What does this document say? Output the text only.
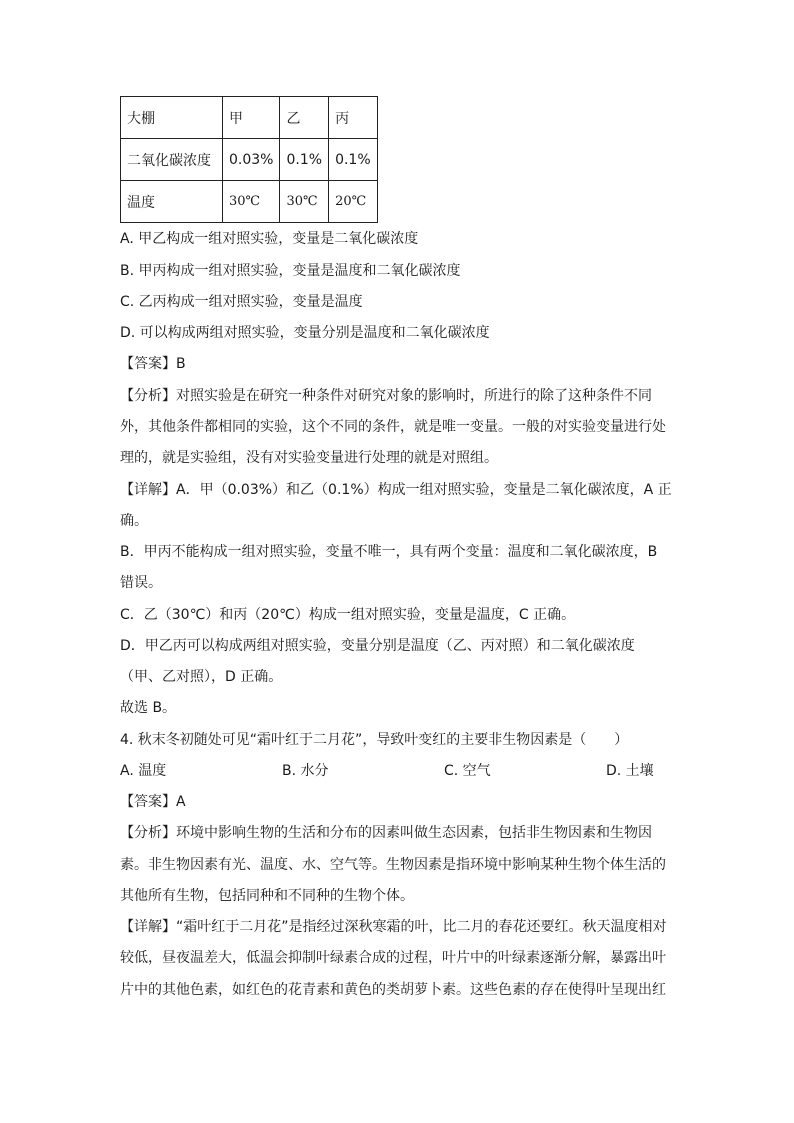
大棚	甲	乙	丙
二氧化碳浓度	0.03%	0.1%	0.1%
温度	30℃	30℃	20℃
A. 甲乙构成一组对照实验，变量是二氧化碳浓度
B. 甲丙构成一组对照实验，变量是温度和二氧化碳浓度
C. 乙丙构成一组对照实验，变量是温度
D. 可以构成两组对照实验，变量分别是温度和二氧化碳浓度
【答案】B
【分析】对照实验是在研究一种条件对研究对象的影响时，所进行的除了这种条件不同
外，其他条件都相同的实验，这个不同的条件，就是唯一变量。一般的对实验变量进行处
理的，就是实验组，没有对实验变量进行处理的就是对照组。
【详解】A．甲（0.03%）和乙（0.1%）构成一组对照实验，变量是二氧化碳浓度，A 正
确。
B．甲丙不能构成一组对照实验，变量不唯一，具有两个变量：温度和二氧化碳浓度，B
错误。
C．乙（30℃）和丙（20℃）构成一组对照实验，变量是温度，C 正确。
D．甲乙丙可以构成两组对照实验，变量分别是温度（乙、丙对照）和二氧化碳浓度
（甲、乙对照），D 正确。
故选 B。
4. 秋末冬初随处可见“霜叶红于二月花”，导致叶变红的主要非生物因素是（　　）
A. 温度	B. 水分	C. 空气	D. 土壤
【答案】A
【分析】环境中影响生物的生活和分布的因素叫做生态因素，包括非生物因素和生物因
素。非生物因素有光、温度、水、空气等。生物因素是指环境中影响某种生物个体生活的
其他所有生物，包括同种和不同种的生物个体。
【详解】“霜叶红于二月花”是指经过深秋寒霜的叶，比二月的春花还要红。秋天温度相对
较低，昼夜温差大，低温会抑制叶绿素合成的过程，叶片中的叶绿素逐渐分解，暴露出叶
片中的其他色素，如红色的花青素和黄色的类胡萝卜素。这些色素的存在使得叶呈现出红
